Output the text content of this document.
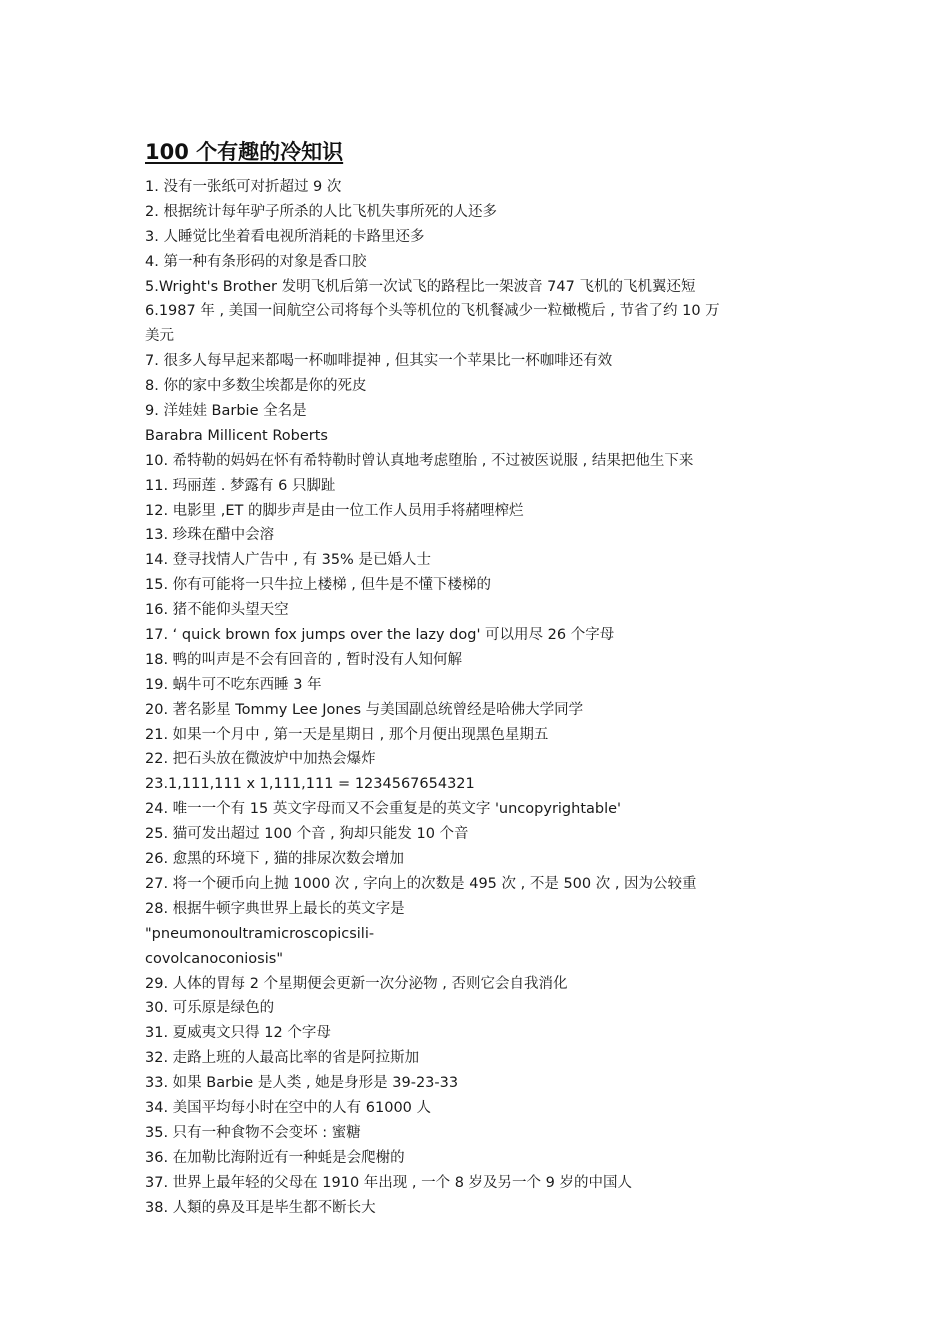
100 个有趣的冷知识
1. 没有一张纸可对折超过 9 次
2. 根据统计每年驴子所杀的人比飞机失事所死的人还多
3. 人睡觉比坐着看电视所消耗的卡路里还多
4. 第一种有条形码的对象是香口胶
5.Wright's Brother 发明飞机后第一次试飞的路程比一架波音 747 飞机的飞机翼还短
6.1987 年 , 美国一间航空公司将每个头等机位的飞机餐减少一粒橄榄后 , 节省了约 10 万
美元
7. 很多人每早起来都喝一杯咖啡提神 , 但其实一个苹果比一杯咖啡还有效
8. 你的家中多数尘埃都是你的死皮
9. 洋娃娃 Barbie 全名是
Barabra Millicent Roberts
10. 希特勒的妈妈在怀有希特勒时曾认真地考虑堕胎 , 不过被医说服 , 结果把他生下来
11. 玛丽莲 . 梦露有 6 只脚趾
12. 电影里 ,ET 的脚步声是由一位工作人员用手将赭哩榨烂
13. 珍珠在醋中会溶
14. 登寻找情人广告中 , 有 35% 是已婚人士
15. 你有可能将一只牛拉上楼梯 , 但牛是不懂下楼梯的
16. 猪不能仰头望天空
17. ‘ quick brown fox jumps over the lazy dog' 可以用尽 26 个字母
18. 鸭的叫声是不会有回音的 , 暂时没有人知何解
19. 蜗牛可不吃东西睡 3 年
20. 著名影星 Tommy Lee Jones 与美国副总统曾经是哈佛大学同学
21. 如果一个月中 , 第一天是星期日 , 那个月便出现黑色星期五
22. 把石头放在微波炉中加热会爆炸
23.1,111,111 x 1,111,111 = 1234567654321
24. 唯一一个有 15 英文字母而又不会重复是的英文字 'uncopyrightable'
25. 猫可发出超过 100 个音 , 狗却只能发 10 个音
26. 愈黑的环境下 , 猫的排尿次数会增加
27. 将一个硬币向上抛 1000 次 , 字向上的次数是 495 次 , 不是 500 次 , 因为公较重
28. 根据牛顿字典世界上最长的英文字是
"pneumonoultramicroscopicsili-
covolcanoconiosis"
29. 人体的胃每 2 个星期便会更新一次分泌物 , 否则它会自我消化
30. 可乐原是绿色的
31. 夏威夷文只得 12 个字母
32. 走路上班的人最高比率的省是阿拉斯加
33. 如果 Barbie 是人类 , 她是身形是 39-23-33
34. 美国平均每小时在空中的人有 61000 人
35. 只有一种食物不会变坏 : 蜜糖
36. 在加勒比海附近有一种蚝是会爬榭的
37. 世界上最年轻的父母在 1910 年出现 , 一个 8 岁及另一个 9 岁的中国人
38. 人類的鼻及耳是毕生都不断长大
